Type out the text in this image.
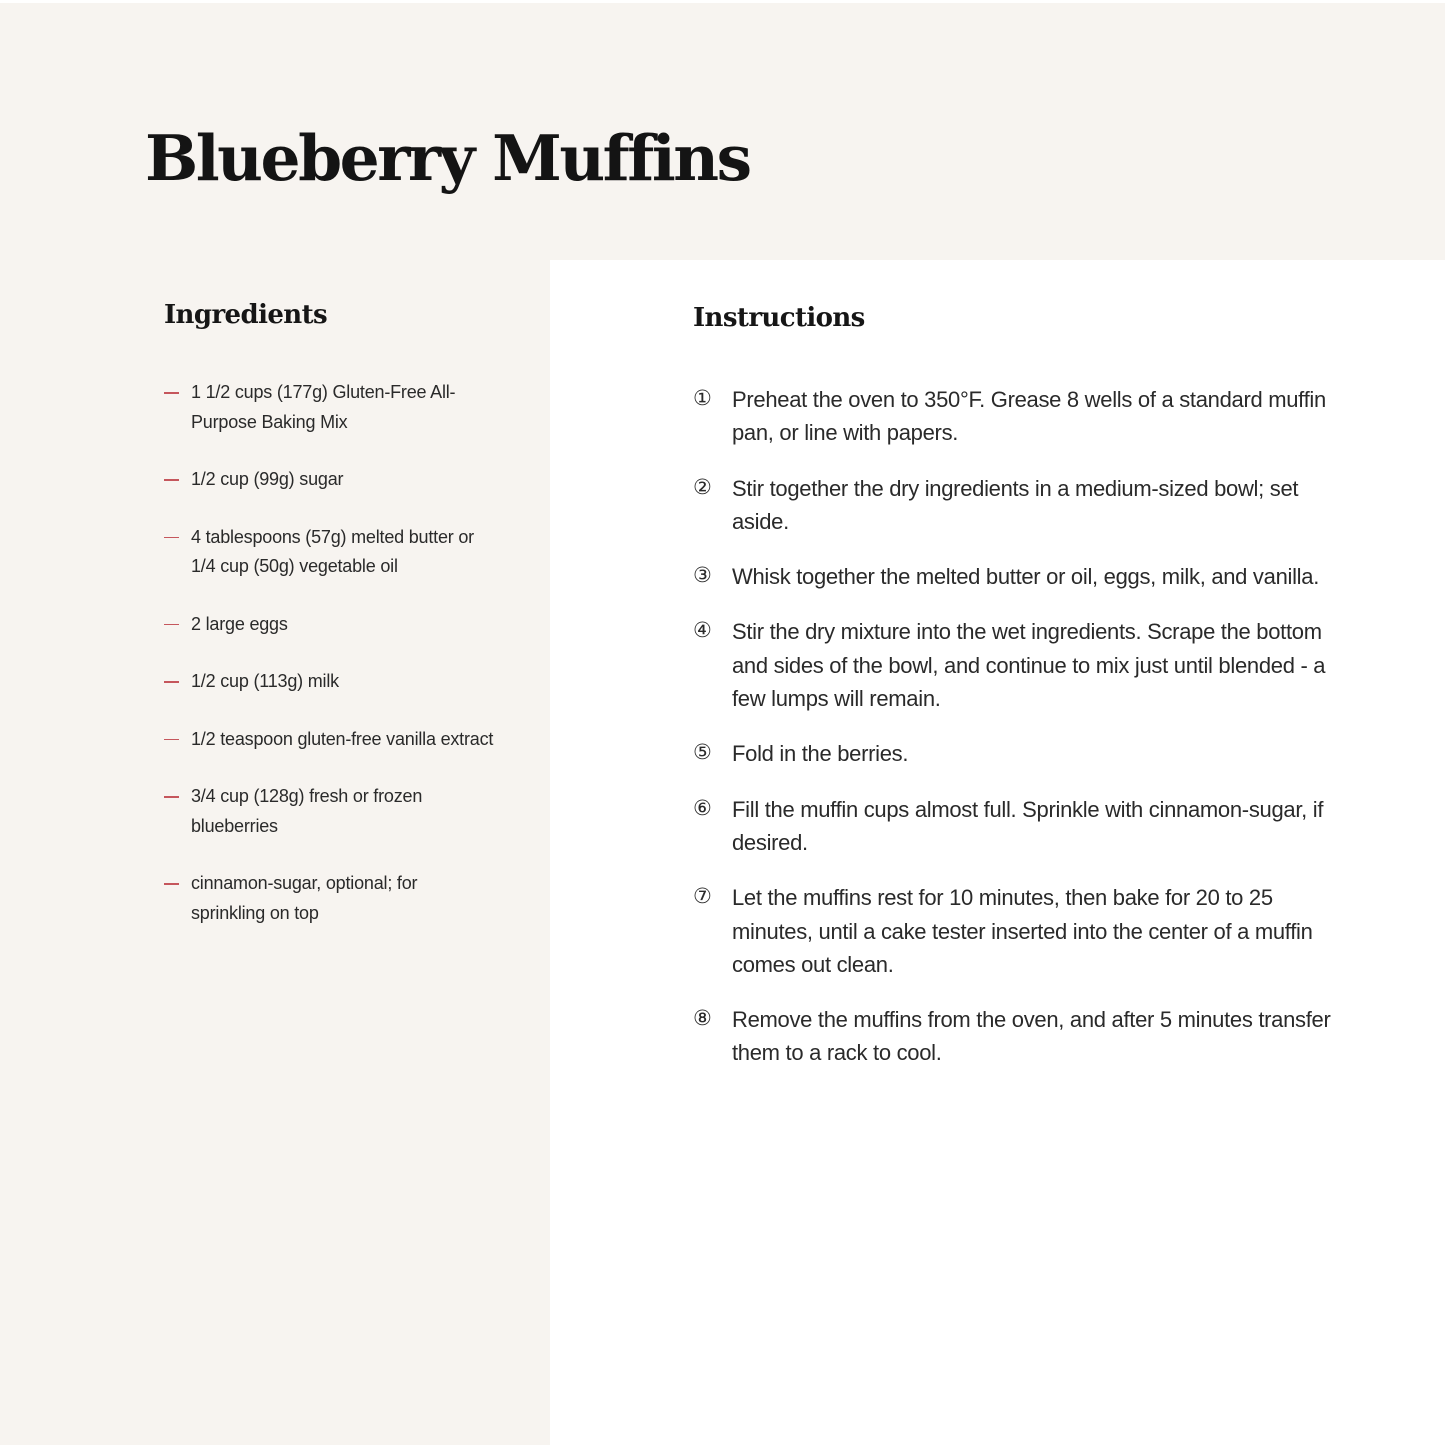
Blueberry Muffins
Ingredients
1 1/2 cups (177g) Gluten-Free All-Purpose Baking Mix
1/2 cup (99g) sugar
4 tablespoons (57g) melted butter or 1/4 cup (50g) vegetable oil
2 large eggs
1/2 cup (113g) milk
1/2 teaspoon gluten-free vanilla extract
3/4 cup (128g) fresh or frozen blueberries
cinnamon-sugar, optional; for sprinkling on top
Instructions
① Preheat the oven to 350°F. Grease 8 wells of a standard muffin pan, or line with papers.
② Stir together the dry ingredients in a medium-sized bowl; set aside.
③ Whisk together the melted butter or oil, eggs, milk, and vanilla.
④ Stir the dry mixture into the wet ingredients. Scrape the bottom and sides of the bowl, and continue to mix just until blended - a few lumps will remain.
⑤ Fold in the berries.
⑥ Fill the muffin cups almost full. Sprinkle with cinnamon-sugar, if desired.
⑦ Let the muffins rest for 10 minutes, then bake for 20 to 25 minutes, until a cake tester inserted into the center of a muffin comes out clean.
⑧ Remove the muffins from the oven, and after 5 minutes transfer them to a rack to cool.
